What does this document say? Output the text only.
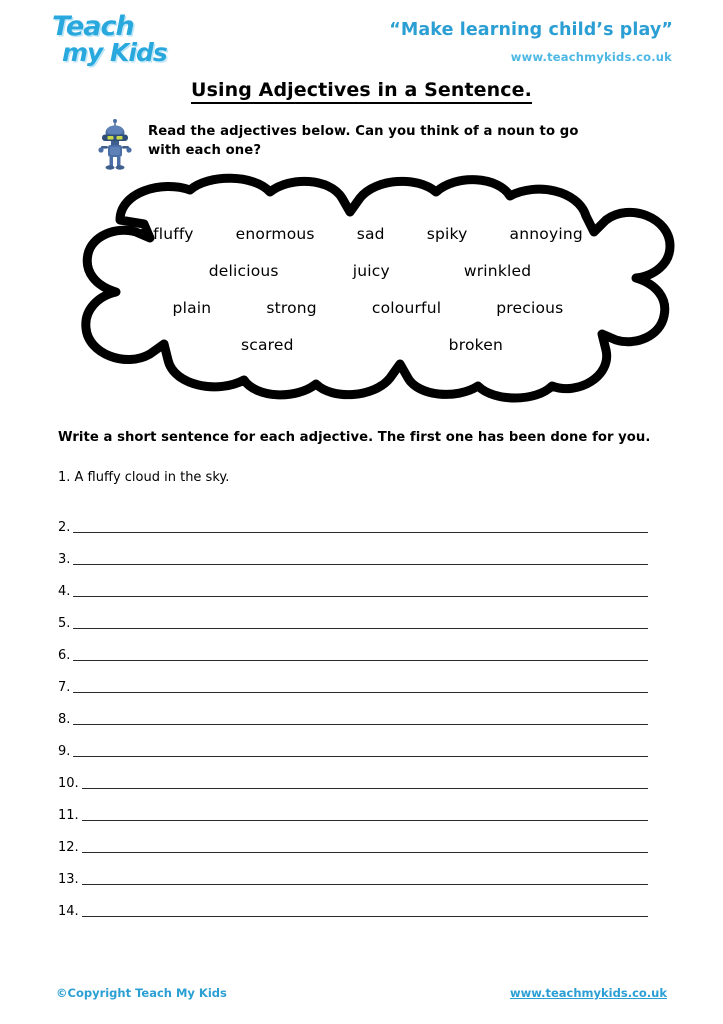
Teach
my Kids
“Make learning child’s play”
www.teachmykids.co.uk
Using Adjectives in a Sentence.
Read the adjectives below. Can you think of a noun to go with each one?
fluffy	enormous	sad	spiky	annoying
delicious	juicy	wrinkled
plain	strong	colourful	precious
scared	broken
Write a short sentence for each adjective. The first one has been done for you.
1. A fluffy cloud in the sky.
2.
3.
4.
5.
6.
7.
8.
9.
10.
11.
12.
13.
14.
©Copyright Teach My Kids	www.teachmykids.co.uk
